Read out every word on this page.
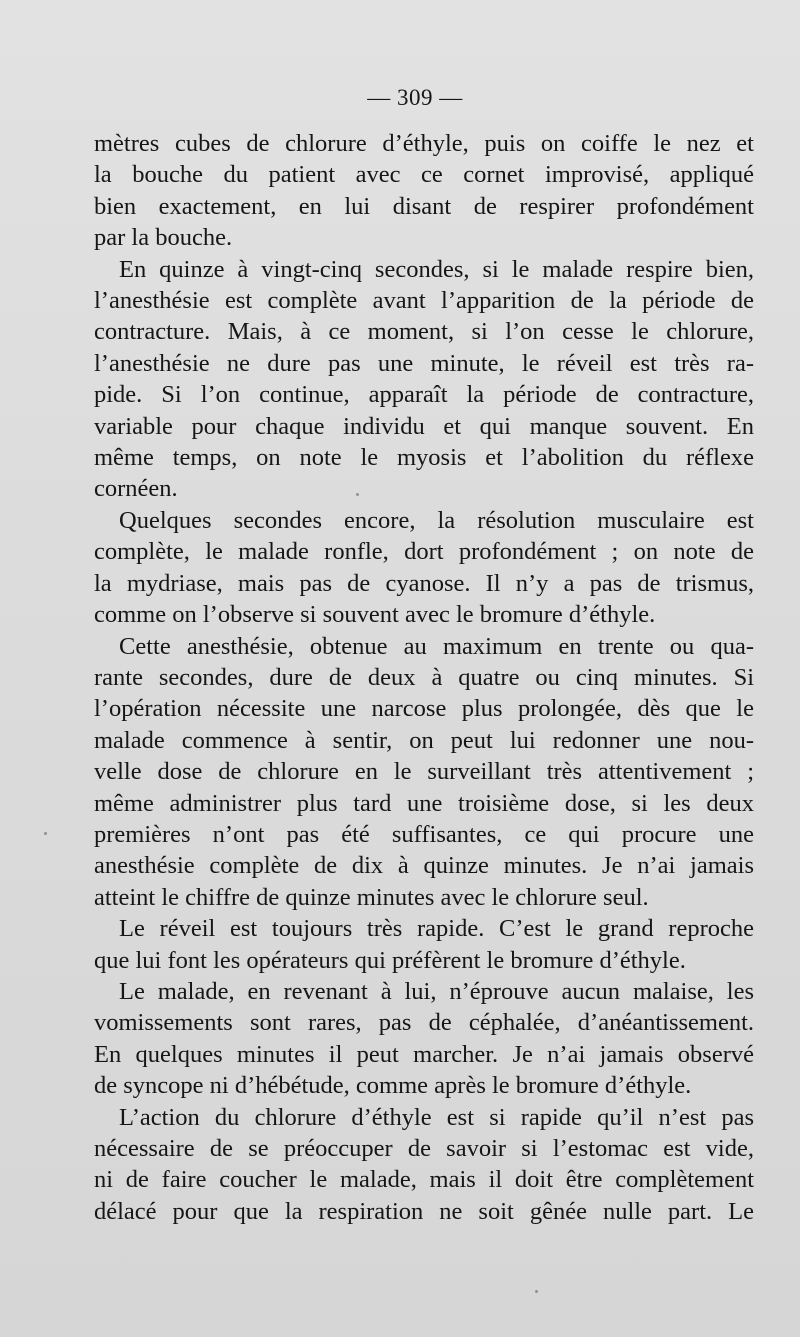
— 309 —
mètres cubes de chlorure d’éthyle, puis on coiffe le nez et
la bouche du patient avec ce cornet improvisé, appliqué
bien exactement, en lui disant de respirer profondément
par la bouche.
En quinze à vingt-cinq secondes, si le malade respire bien,
l’anesthésie est complète avant l’apparition de la période de
contracture. Mais, à ce moment, si l’on cesse le chlorure,
l’anesthésie ne dure pas une minute, le réveil est très ra-
pide. Si l’on continue, apparaît la période de contracture,
variable pour chaque individu et qui manque souvent. En
même temps, on note le myosis et l’abolition du réflexe
cornéen.
Quelques secondes encore, la résolution musculaire est
complète, le malade ronfle, dort profondément ; on note de
la mydriase, mais pas de cyanose. Il n’y a pas de trismus,
comme on l’observe si souvent avec le bromure d’éthyle.
Cette anesthésie, obtenue au maximum en trente ou qua-
rante secondes, dure de deux à quatre ou cinq minutes. Si
l’opération nécessite une narcose plus prolongée, dès que le
malade commence à sentir, on peut lui redonner une nou-
velle dose de chlorure en le surveillant très attentivement ;
même administrer plus tard une troisième dose, si les deux
premières n’ont pas été suffisantes, ce qui procure une
anesthésie complète de dix à quinze minutes. Je n’ai jamais
atteint le chiffre de quinze minutes avec le chlorure seul.
Le réveil est toujours très rapide. C’est le grand reproche
que lui font les opérateurs qui préfèrent le bromure d’éthyle.
Le malade, en revenant à lui, n’éprouve aucun malaise, les
vomissements sont rares, pas de céphalée, d’anéantissement.
En quelques minutes il peut marcher. Je n’ai jamais observé
de syncope ni d’hébétude, comme après le bromure d’éthyle.
L’action du chlorure d’éthyle est si rapide qu’il n’est pas
nécessaire de se préoccuper de savoir si l’estomac est vide,
ni de faire coucher le malade, mais il doit être complètement
délacé pour que la respiration ne soit gênée nulle part. Le
